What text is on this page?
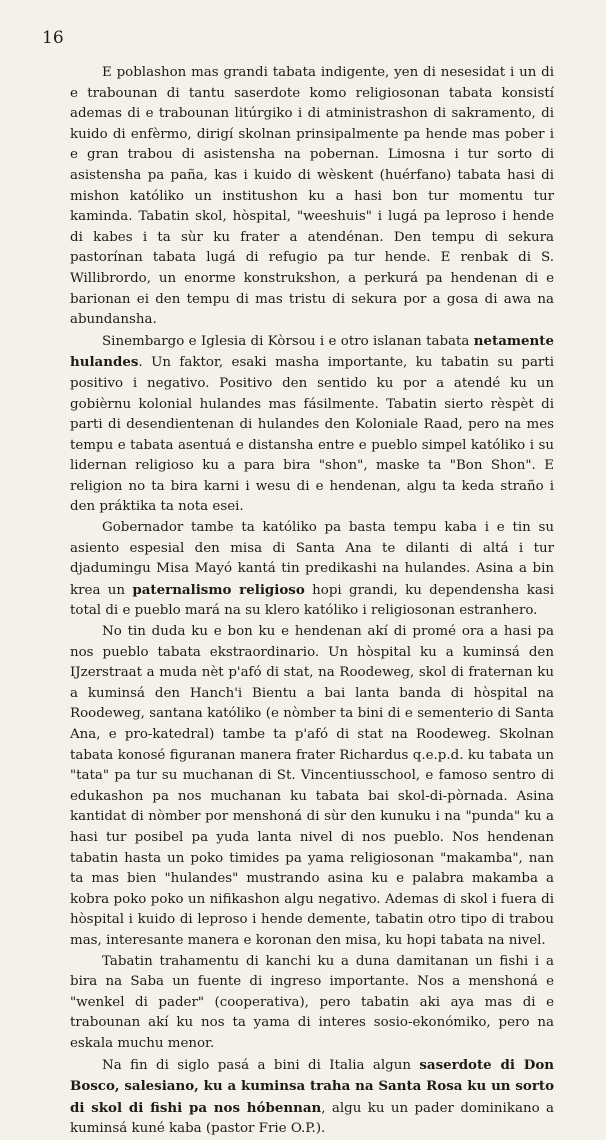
16

E poblashon mas grandi tabata indigente, yen di nesesidat i un di e trabounan di tantu saserdote komo religiosonan tabata konsistí ademas di e trabounan litúrgiko i di atministrashon di sakramento, di kuido di enfèrmo, dirigí skolnan prinsipalmente pa hende mas pober i e gran trabou di asistensha na pobernan. Limosna i tur sorto di asistensha pa paña, kas i kuido di wèskent (huérfano) tabata hasi di mishon katóliko un institushon ku a hasi bon tur momentu tur kaminda. Tabatin skol, hòspital, "weeshuis" i lugá pa leproso i hende di kabes i ta sùr ku frater a atendénan. Den tempu di sekura pastorínan tabata lugá di refugio pa tur hende. E renbak di S. Willibrordo, un enorme konstrukshon, a perkurá pa hendenan di e barionan ei den tempu di mas tristu di sekura por a gosa di awa na abundansha.

Sinembargo e Iglesia di Kòrsou i e otro islanan tabata netamente hulandes. Un faktor, esaki masha importante, ku tabatin su parti positivo i negativo. Positivo den sentido ku por a atendé ku un gobièrnu kolonial hulandes mas fásilmente. Tabatin sierto rèspèt di parti di desendientenan di hulandes den Koloniale Raad, pero na mes tempu e tabata asentuá e distansha entre e pueblo simpel katóliko i su lidernan religioso ku a para bira "shon", maske ta "Bon Shon". E religion no ta bira karni i wesu di e hendenan, algu ta keda straño i den práktika ta nota esei.

Gobernador tambe ta katóliko pa basta tempu kaba i e tin su asiento espesial den misa di Santa Ana te dilanti di altá i tur djadumingu Misa Mayó kantá tin predikashi na hulandes. Asina a bin krea un paternalismo religioso hopi grandi, ku dependensha kasi total di e pueblo mará na su klero katóliko i religiosonan estranhero.

No tin duda ku e bon ku e hendenan akí di promé ora a hasi pa nos pueblo tabata ekstraordinario. Un hòspital ku a kuminsá den IJzerstraat a muda nèt p'afó di stat, na Roodeweg, skol di fraternan ku a kuminsá den Hanch'i Bientu a bai lanta banda di hòspital na Roodeweg, santana katóliko (e nòmber ta bini di e sementerio di Santa Ana, e pro-katedral) tambe ta p'afó di stat na Roodeweg. Skolnan tabata konosé figuranan manera frater Richardus q.e.p.d. ku tabata un "tata" pa tur su muchanan di St. Vincentiusschool, e famoso sentro di edukashon pa nos muchanan ku tabata bai skol-di-pòrnada. Asina kantidat di nòmber por menshoná di sùr den kunuku i na "punda" ku a hasi tur posibel pa yuda lanta nivel di nos pueblo. Nos hendenan tabatin hasta un poko timides pa yama religiosonan "makamba", nan ta mas bien "hulandes" mustrando asina ku e palabra makamba a kobra poko poko un nifikashon algu negativo. Ademas di skol i fuera di hòspital i kuido di leproso i hende demente, tabatin otro tipo di trabou mas, interesante manera e koronan den misa, ku hopi tabata na nivel.

Tabatin trahamentu di kanchi ku a duna damitanan un fishi i a bira na Saba un fuente di ingreso importante. Nos a menshoná e "wenkel di pader" (cooperativa), pero tabatin aki aya mas di e trabounan akí ku nos ta yama di interes sosio-ekonómiko, pero na eskala muchu menor.

Na fin di siglo pasá a bini di Italia algun saserdote di Don Bosco, salesiano, ku a kuminsa traha na Santa Rosa ku un sorto di skol di fishi pa nos hóbennan, algu ku un pader dominikano a kuminsá kuné kaba (pastor Frie O.P.).
